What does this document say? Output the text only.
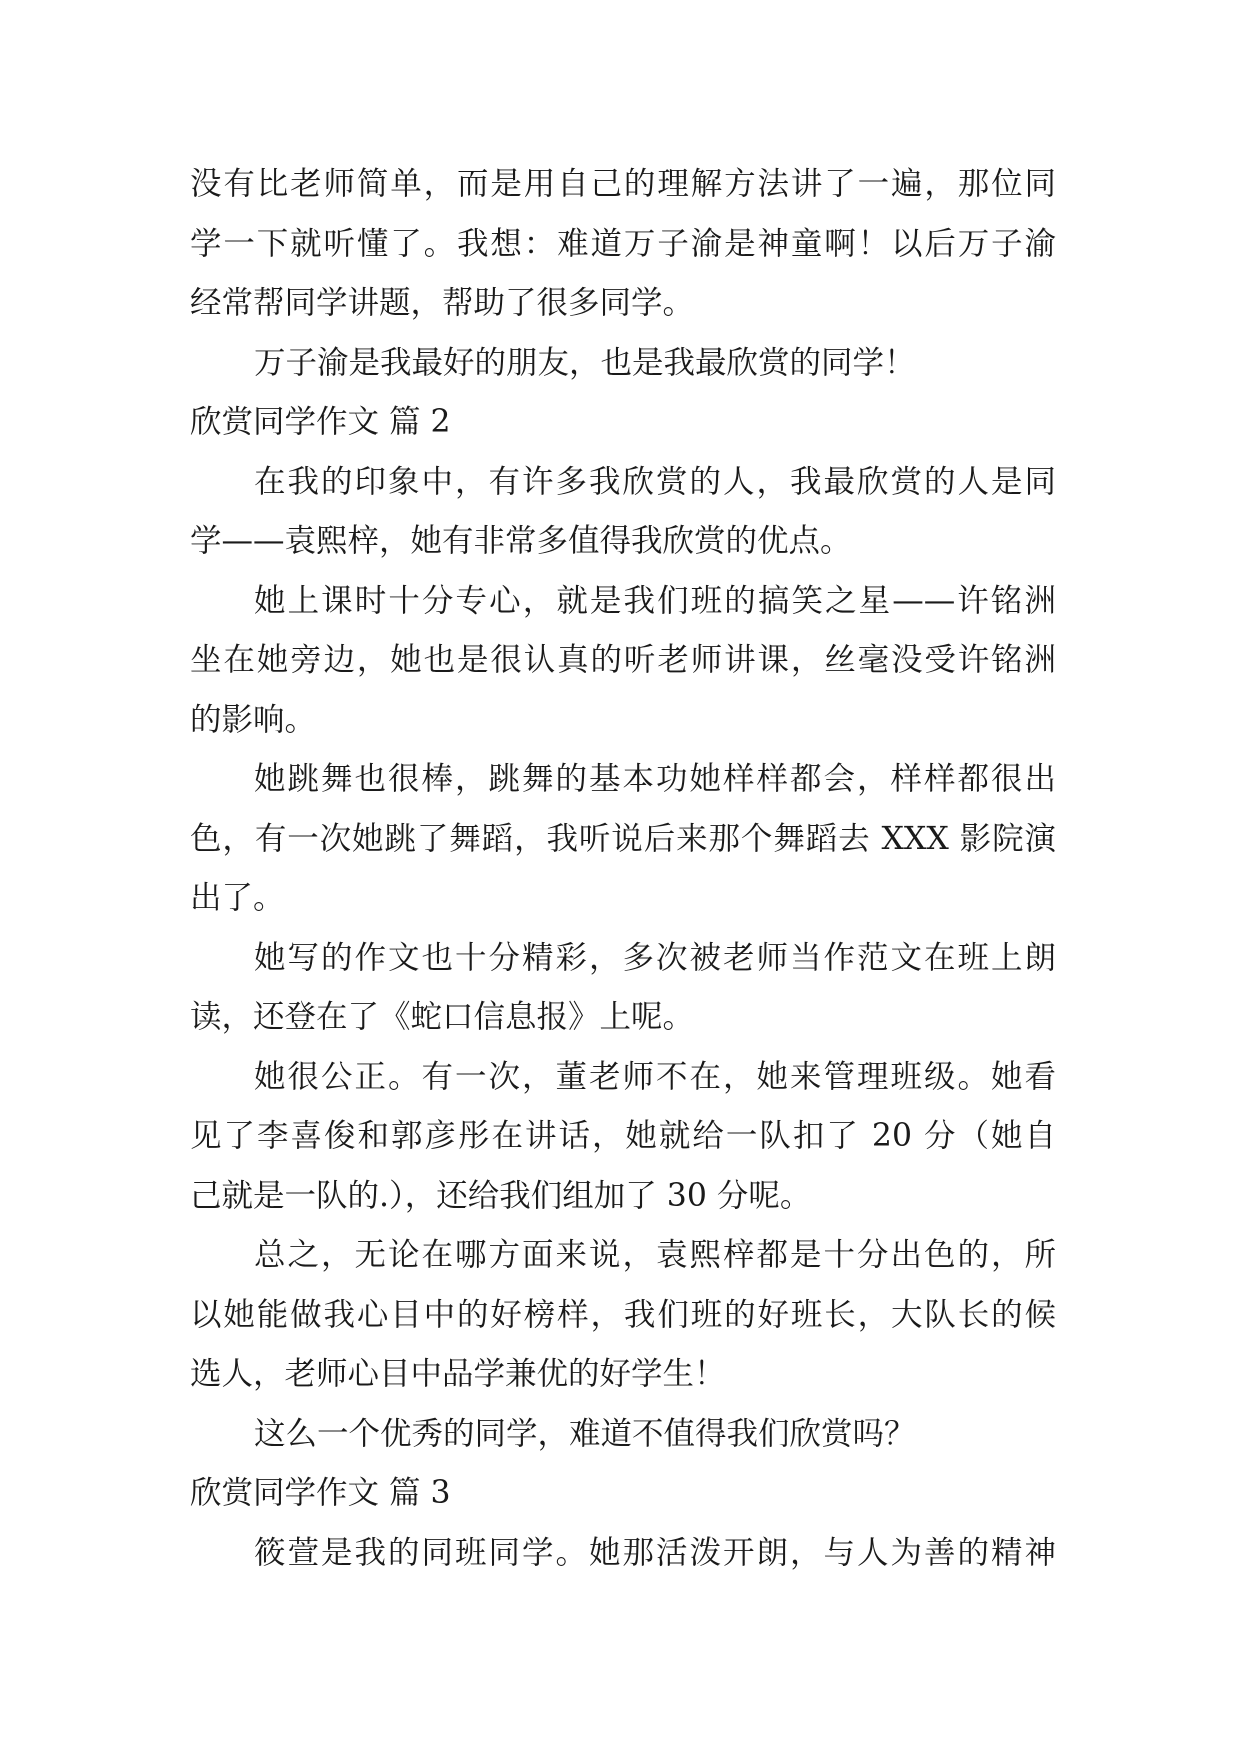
没有比老师简单，而是用自己的理解方法讲了一遍，那位同
学一下就听懂了。我想：难道万子渝是神童啊！以后万子渝
经常帮同学讲题，帮助了很多同学。
万子渝是我最好的朋友，也是我最欣赏的同学！
欣赏同学作文 篇 2
在我的印象中，有许多我欣赏的人，我最欣赏的人是同
学——袁熙梓，她有非常多值得我欣赏的优点。
她上课时十分专心，就是我们班的搞笑之星——许铭洲
坐在她旁边，她也是很认真的听老师讲课，丝毫没受许铭洲
的影响。
她跳舞也很棒，跳舞的基本功她样样都会，样样都很出
色，有一次她跳了舞蹈，我听说后来那个舞蹈去 XXX 影院演
出了。
她写的作文也十分精彩，多次被老师当作范文在班上朗
读，还登在了《蛇口信息报》上呢。
她很公正。有一次，董老师不在，她来管理班级。她看
见了李喜俊和郭彦彤在讲话，她就给一队扣了 20 分（她自
己就是一队的.），还给我们组加了 30 分呢。
总之，无论在哪方面来说，袁熙梓都是十分出色的，所
以她能做我心目中的好榜样，我们班的好班长，大队长的候
选人，老师心目中品学兼优的好学生！
这么一个优秀的同学，难道不值得我们欣赏吗？
欣赏同学作文 篇 3
筱萱是我的同班同学。她那活泼开朗，与人为善的精神
